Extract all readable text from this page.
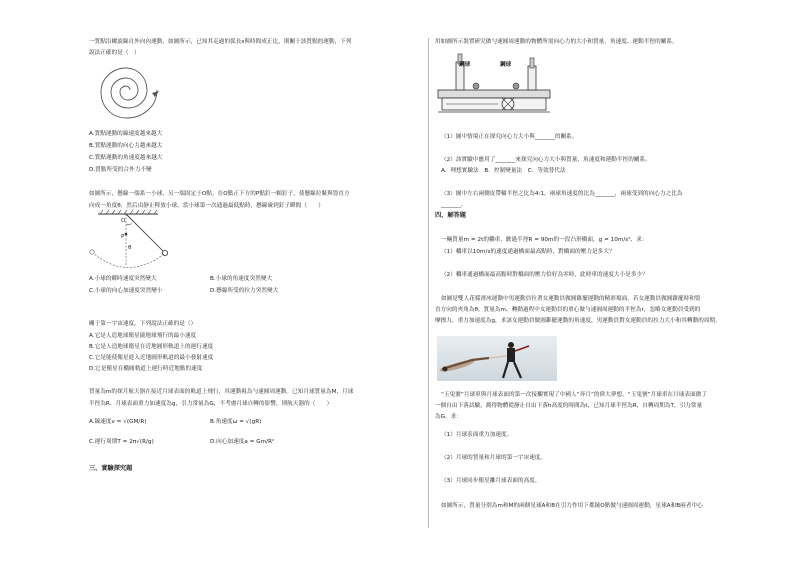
一質點沿螺旋線自外向內運動，如圖所示，已知其走過的弧長s與時間成正比，則關于該質點的運動，下列
說法正確的是（　）
A.質點運動的線速度越來越大
B.質點運動的向心力越來越大
C.質點運動的角速度越來越大
D.質點所受的合外力不變
如圖所示，懸線一端系一小球，另一端固定于O點，在O點正下方的P點釘一顆釘子，使懸線拉緊與豎直方
向成一角度θ，然后由靜止釋放小球，當小球第一次通過最低點時，懸線碰到釘子瞬間（　　）
O
P
θ
A.小球的瞬時速度突然變大	B.小球的角速度突然變大
C.小球的向心加速度突然變小	D.懸線所受的拉力突然變大
關于第一宇宙速度，下列說法正確的是（）
A.它是人造地球衛星繞地球飛行的最小速度
B.它是人造地球衛星在近地圓形軌道上的運行速度
C.它是能使衛星進入近地圓形軌道的最小發射速度
D.它是衛星在橢圓軌道上運行時近地點的速度
質量為m的探月航天器在接近月球表面的軌道上飛行，其運動視為勻速圓周運動。已知月球質量為M，月球
半徑為R，月球表面重力加速度為g，引力常量為G，不考慮月球自轉的影響，則航天器的（　　）
A.線速度v = √(GM/R)	B.角速度ω = √(gR)
C.運行周期T = 2π√(R/g)	D.向心加速度a = Gm/R²
三、實驗探究題
用如圖所示裝置研究做勻速圓周運動的物體所需向心力的大小和質量、角速度、運動半徑的關系。
鋼球	鋼球
（1）圖中情境正在探究向心力大小與_______的關系。
（2）該實驗中應用了_______來探究向心力大小與質量、角速度和運動半徑的關系。
A．理想實驗法　B．控制變量法　C．等效替代法
（3）圖中左右兩側皮帶輪半徑之比為4:1，兩球角速度的比為_______，兩球受到的向心力之比為
_______。
四、解答題
一輛質量m = 2t的轎車，駛過半徑R = 90m的一段凸形橋面，g = 10m/s²，求：
（1）轎車以10m/s的速度通過橋面最高點時，對橋面的壓力是多大？
（2）轎車通過橋面最高點時對橋面的壓力恰好為零時，此時車的速度大小是多少？
如圖是雙人花樣滑冰運動中男運動員拉著女運動員做圓錐擺運動的精彩場面，若女運動員做圓錐擺時和豎
直方向的夾角為θ，質量為m，轉動過程中女運動員的重心做勻速圓周運動的半徑為r，忽略女運動員受到的
摩擦力，重力加速度為g，求該女運動員做圓錐擺運動的角速度，男運動員對女運動員的拉力大小和其轉動的周期。
“玉兔號”月球車與月球表面的第一次接觸實現了中國人“奔月”的偉大夢想。“玉兔號”月球車在月球表面做了
一個自由下落試驗，測得物體從靜止自由下落h高度的時間為t，已知月球半徑為R，自轉周期為T，引力常量
為G。求：
（1）月球表面重力加速度。
（2）月球的質量和月球的第一宇宙速度。
（3）月球同步衛星離月球表面的高度。
如圖所示，質量分別為m和M的兩個星球A和B在引力作用下都繞O點做勻速圓周運動，星球A和B兩者中心
